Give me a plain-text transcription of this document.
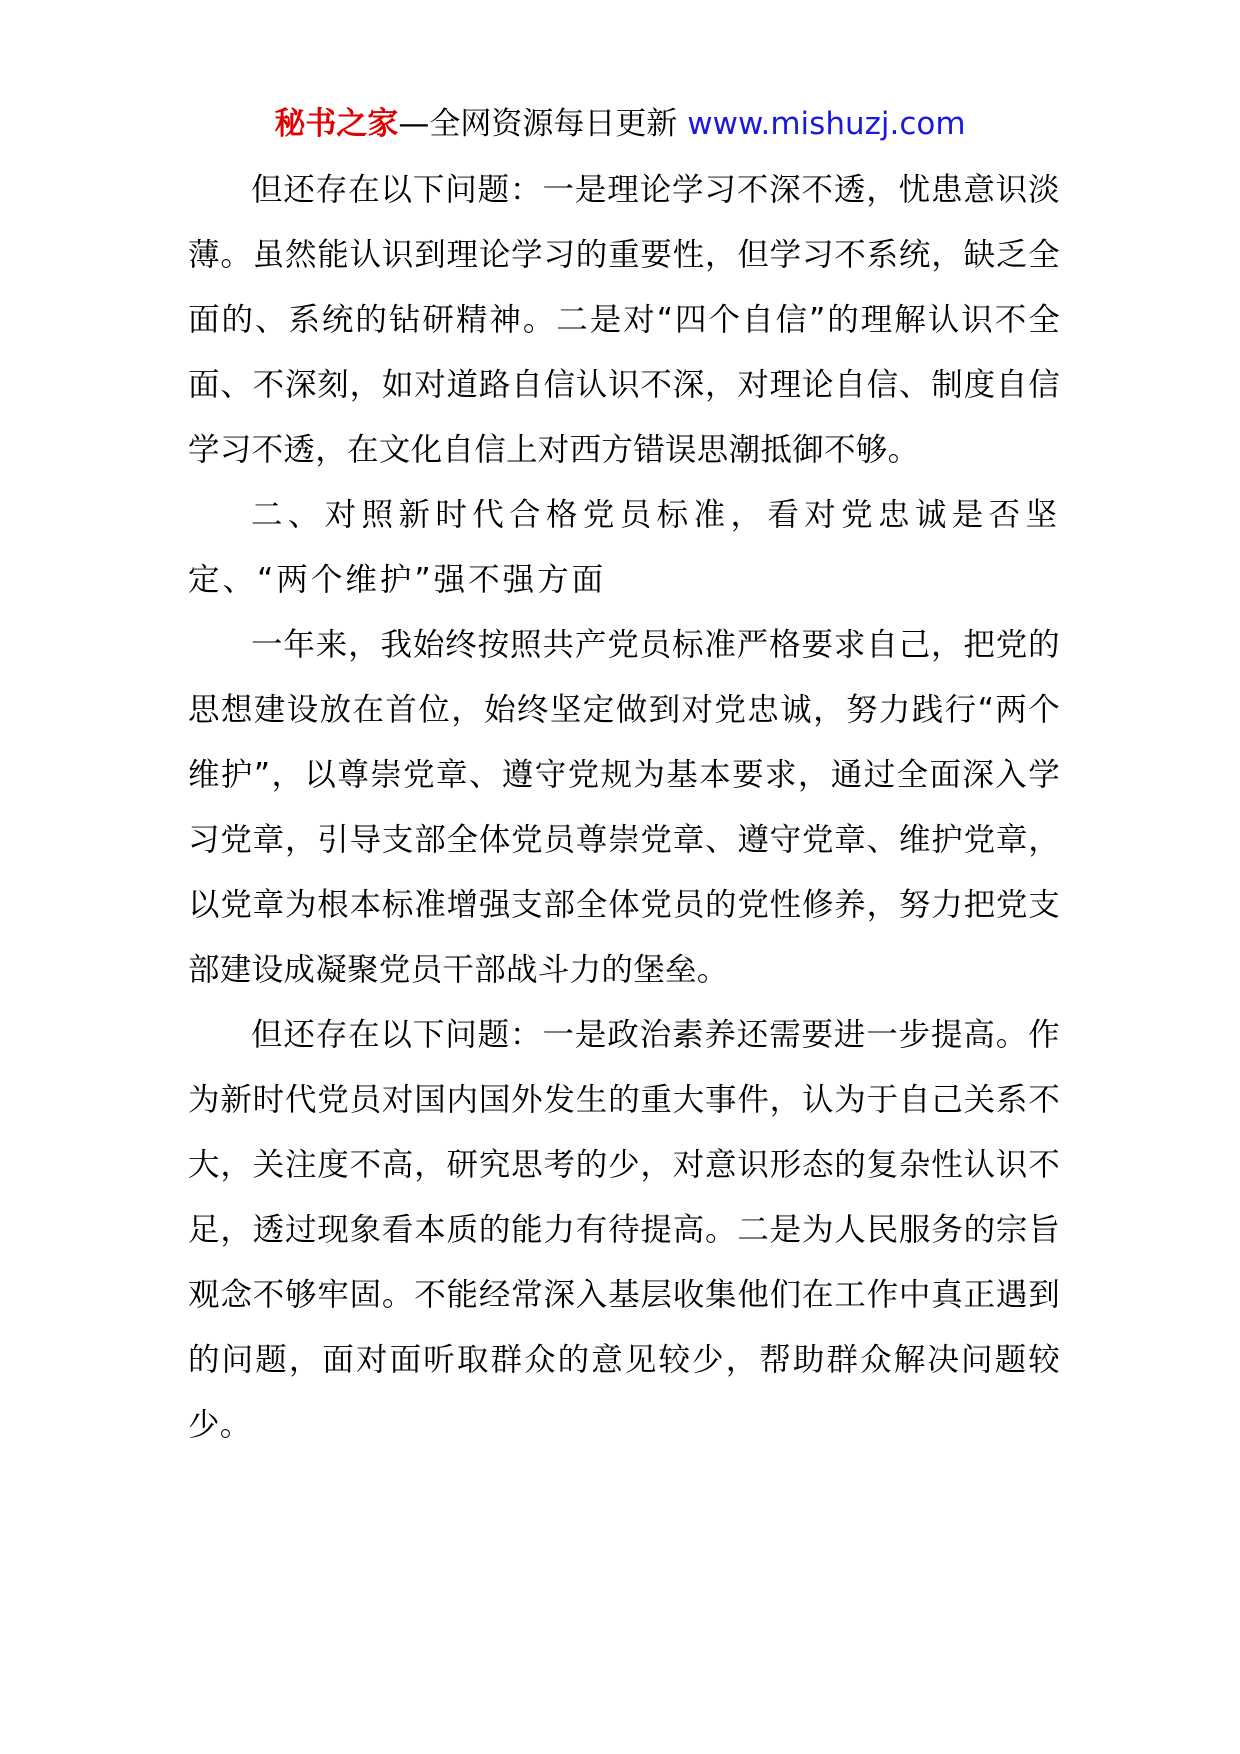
秘书之家—全网资源每日更新 www.mishuzj.com

但还存在以下问题：一是理论学习不深不透，忧患意识淡薄。虽然能认识到理论学习的重要性，但学习不系统，缺乏全面的、系统的钻研精神。二是对“四个自信”的理解认识不全面、不深刻，如对道路自信认识不深，对理论自信、制度自信学习不透，在文化自信上对西方错误思潮抵御不够。

二、对照新时代合格党员标准，看对党忠诚是否坚定、“两个维护”强不强方面

一年来，我始终按照共产党员标准严格要求自己，把党的思想建设放在首位，始终坚定做到对党忠诚，努力践行“两个维护”，以尊崇党章、遵守党规为基本要求，通过全面深入学习党章，引导支部全体党员尊崇党章、遵守党章、维护党章，以党章为根本标准增强支部全体党员的党性修养，努力把党支部建设成凝聚党员干部战斗力的堡垒。

但还存在以下问题：一是政治素养还需要进一步提高。作为新时代党员对国内国外发生的重大事件，认为于自己关系不大，关注度不高，研究思考的少，对意识形态的复杂性认识不足，透过现象看本质的能力有待提高。二是为人民服务的宗旨观念不够牢固。不能经常深入基层收集他们在工作中真正遇到的问题，面对面听取群众的意见较少，帮助群众解决问题较少。
